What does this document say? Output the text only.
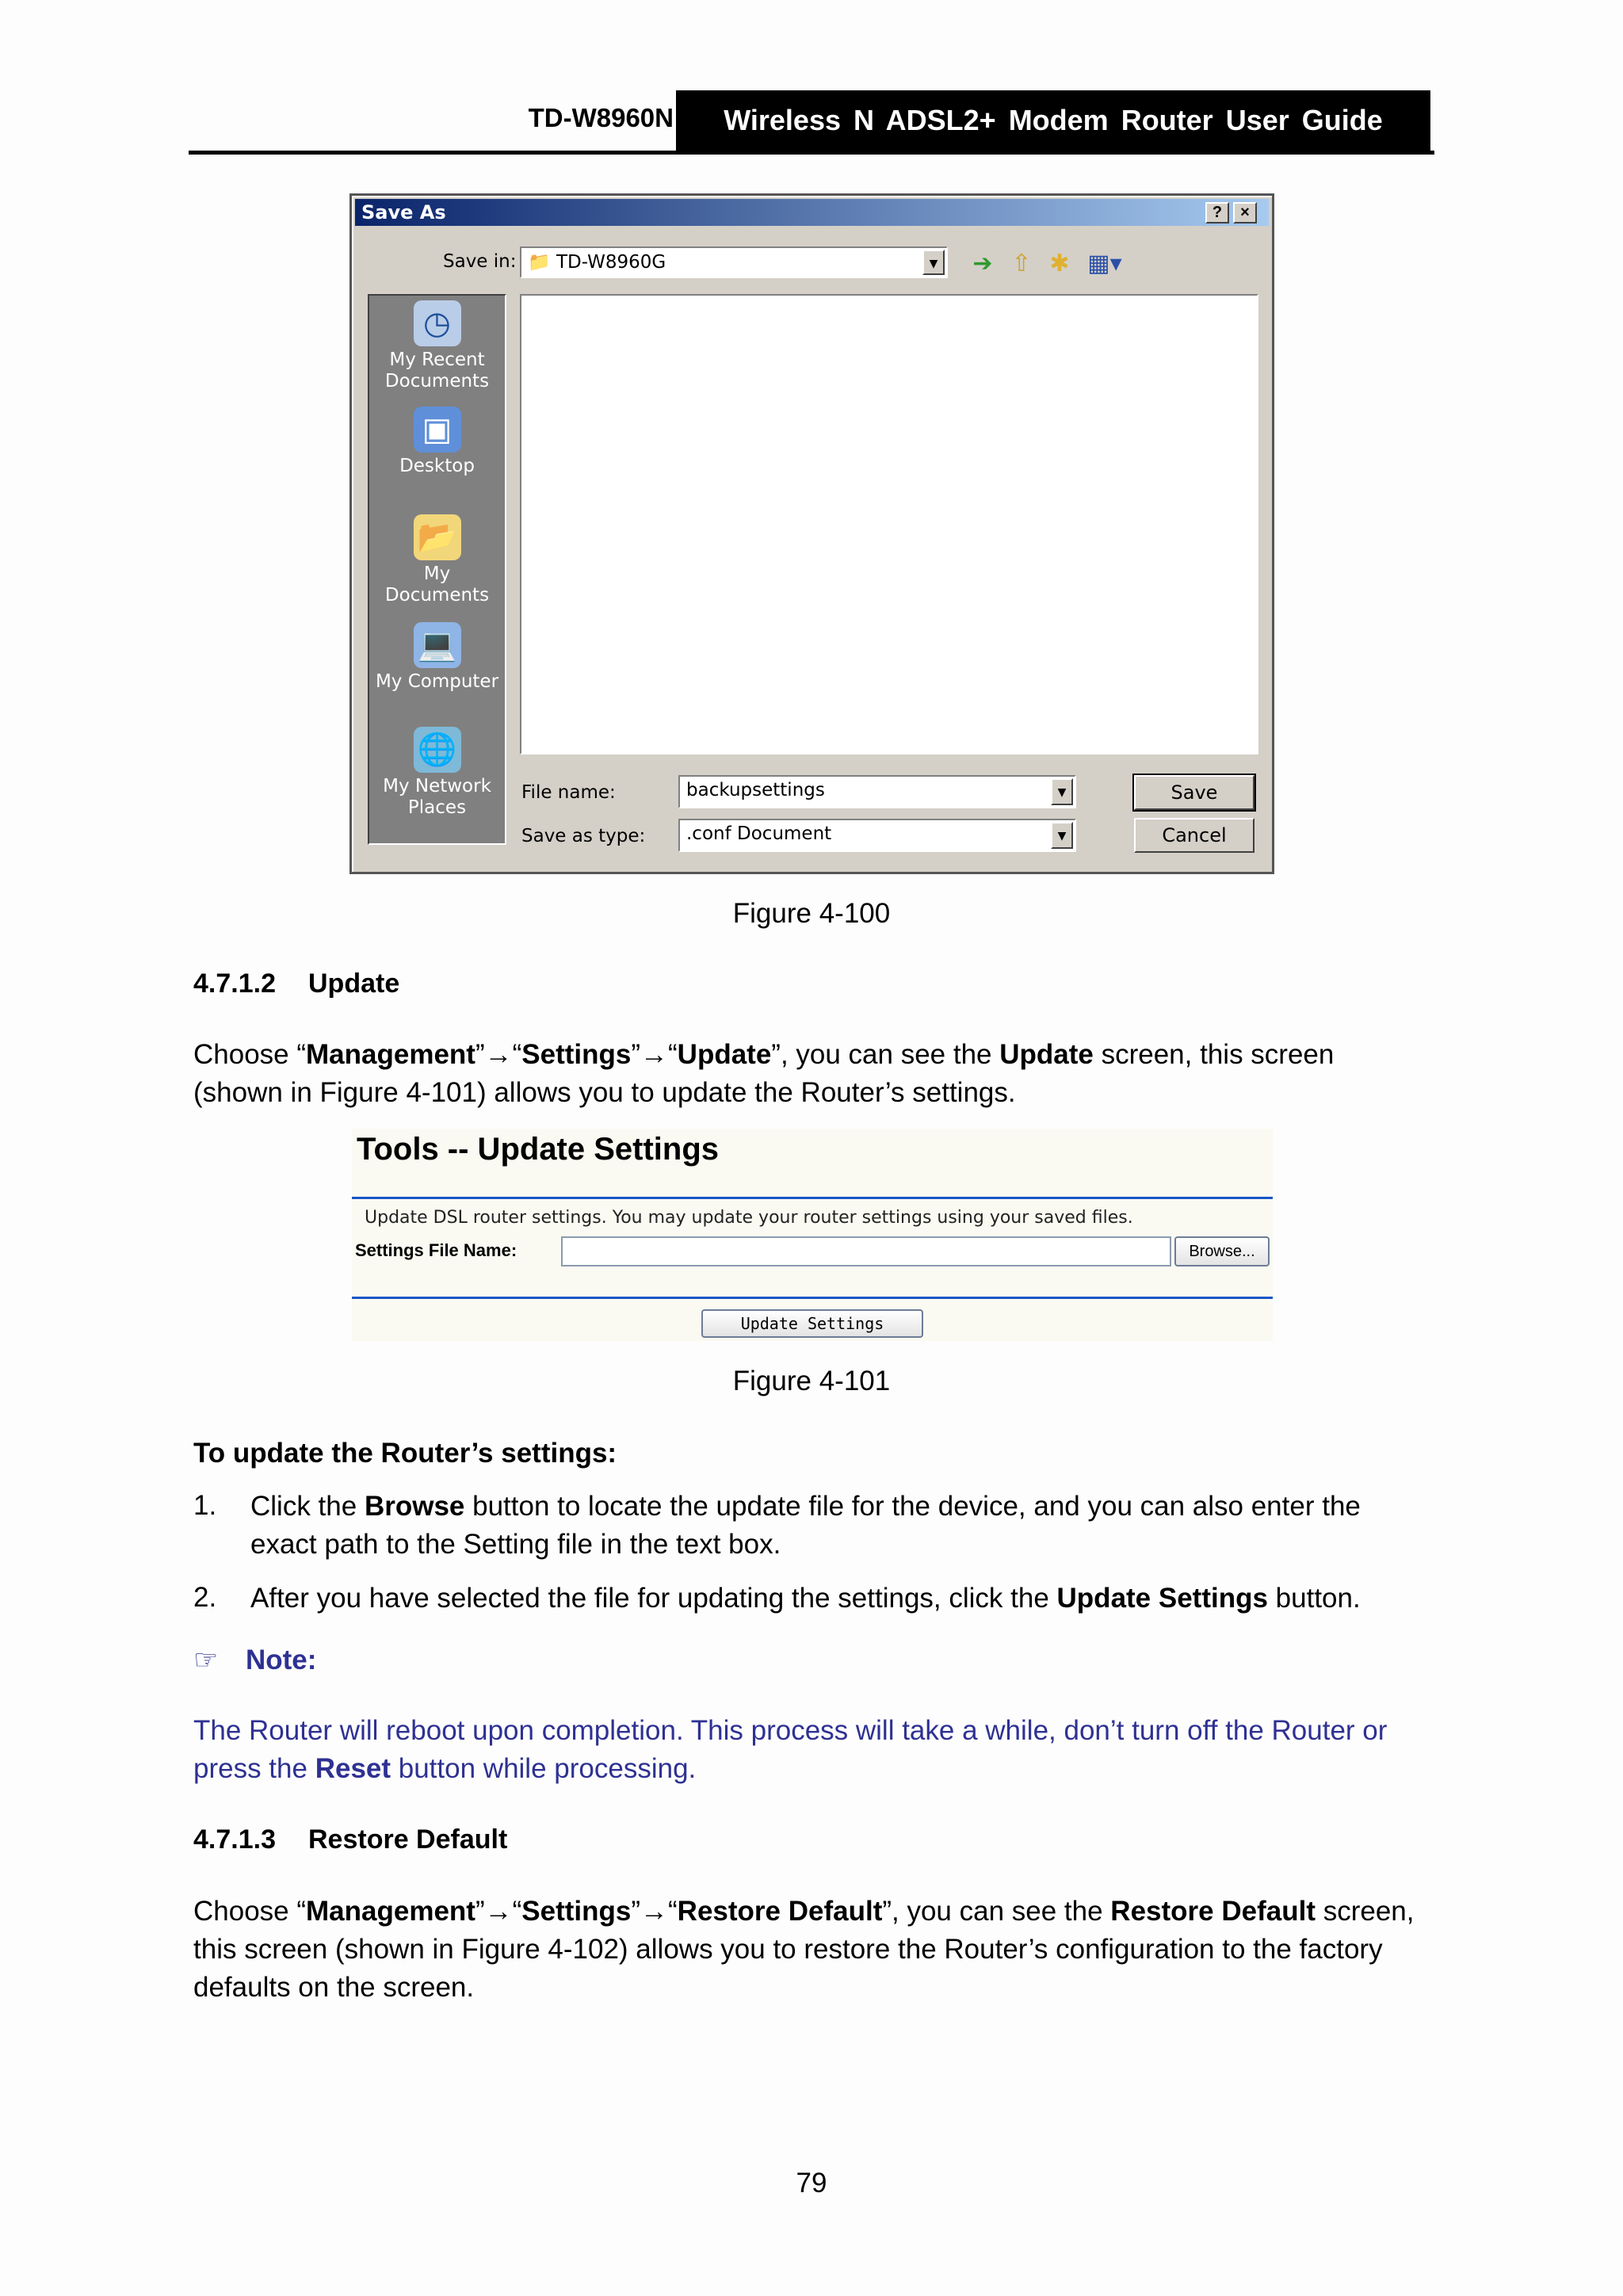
TD-W8960N	Wireless N ADSL2+ Modem Router User Guide
Save As	?	×
Save in: 📁 TD-W8960G	▼ ➔ ⇧ ✱ ▦▾
◷
My Recent
Documents
▣
Desktop
📂
My Documents
💻
My Computer
🌐
My Network
Places
File name:	backupsettings	▼
Save as type:	.conf Document	▼
Save
Cancel
Figure 4-100
4.7.1.2 Update
Choose “Management”→“Settings”→“Update”, you can see the Update screen, this screen (shown in Figure 4-101) allows you to update the Router’s settings.
Tools -- Update Settings
Update DSL router settings. You may update your router settings using your saved files.
Settings File Name:	Browse...
Update Settings
Figure 4-101
To update the Router’s settings:
1. Click the Browse button to locate the update file for the device, and you can also enter the exact path to the Setting file in the text box.
2. After you have selected the file for updating the settings, click the Update Settings button.
☞ Note:
The Router will reboot upon completion. This process will take a while, don’t turn off the Router or press the Reset button while processing.
4.7.1.3 Restore Default
Choose “Management”→“Settings”→“Restore Default”, you can see the Restore Default screen, this screen (shown in Figure 4-102) allows you to restore the Router’s configuration to the factory defaults on the screen.
79
